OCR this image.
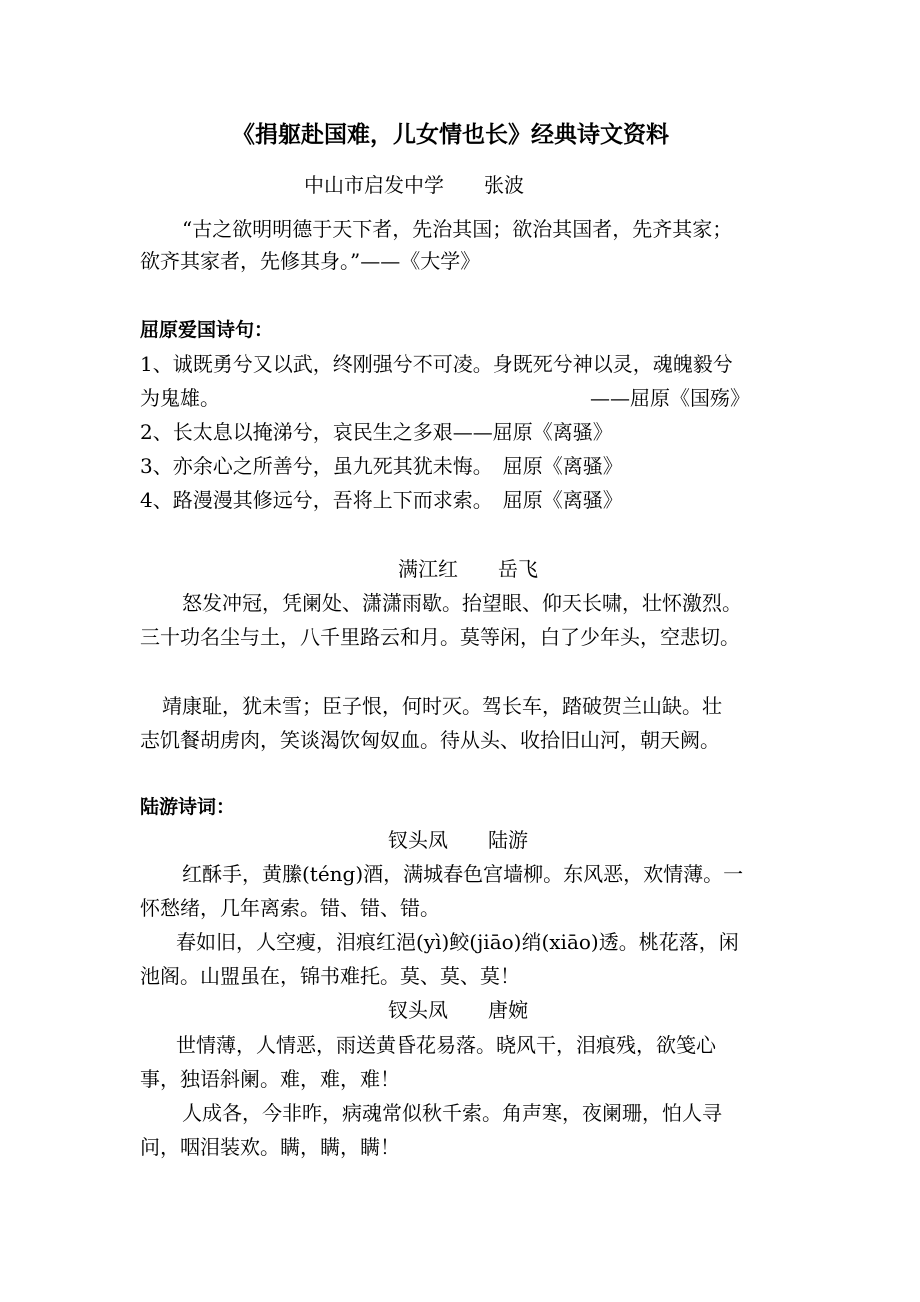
《捐躯赴国难，儿女情也长》经典诗文资料
中山市启发中学　　张波
“古之欲明明德于天下者，先治其国；欲治其国者，先齐其家；
欲齐其家者，先修其身。”——《大学》
屈原爱国诗句：
1、诚既勇兮又以武，终刚强兮不可凌。身既死兮神以灵，魂魄毅兮
为鬼雄。	——屈原《国殇》
2、长太息以掩涕兮，哀民生之多艰——屈原《离骚》
3、亦余心之所善兮，虽九死其犹未悔。　屈原《离骚》
4、路漫漫其修远兮，吾将上下而求索。　屈原《离骚》
满江红　　岳飞
怒发冲冠，凭阑处、潇潇雨歇。抬望眼、仰天长啸，壮怀激烈。
三十功名尘与土，八千里路云和月。莫等闲，白了少年头，空悲切。
靖康耻，犹未雪；臣子恨，何时灭。驾长车，踏破贺兰山缺。壮
志饥餐胡虏肉，笑谈渴饮匈奴血。待从头、收拾旧山河，朝天阙。
陆游诗词：
钗头凤　　陆游
红酥手，黄縢(téng)酒，满城春色宫墙柳。东风恶，欢情薄。一
怀愁绪，几年离索。错、错、错。
春如旧，人空瘦，泪痕红浥(yì)鲛(jiāo)绡(xiāo)透。桃花落，闲
池阁。山盟虽在，锦书难托。莫、莫、莫！
钗头凤　　唐婉
世情薄，人情恶，雨送黄昏花易落。晓风干，泪痕残，欲笺心
事，独语斜阑。难，难，难！
人成各，今非昨，病魂常似秋千索。角声寒，夜阑珊，怕人寻
问，咽泪装欢。瞒，瞒，瞒！
